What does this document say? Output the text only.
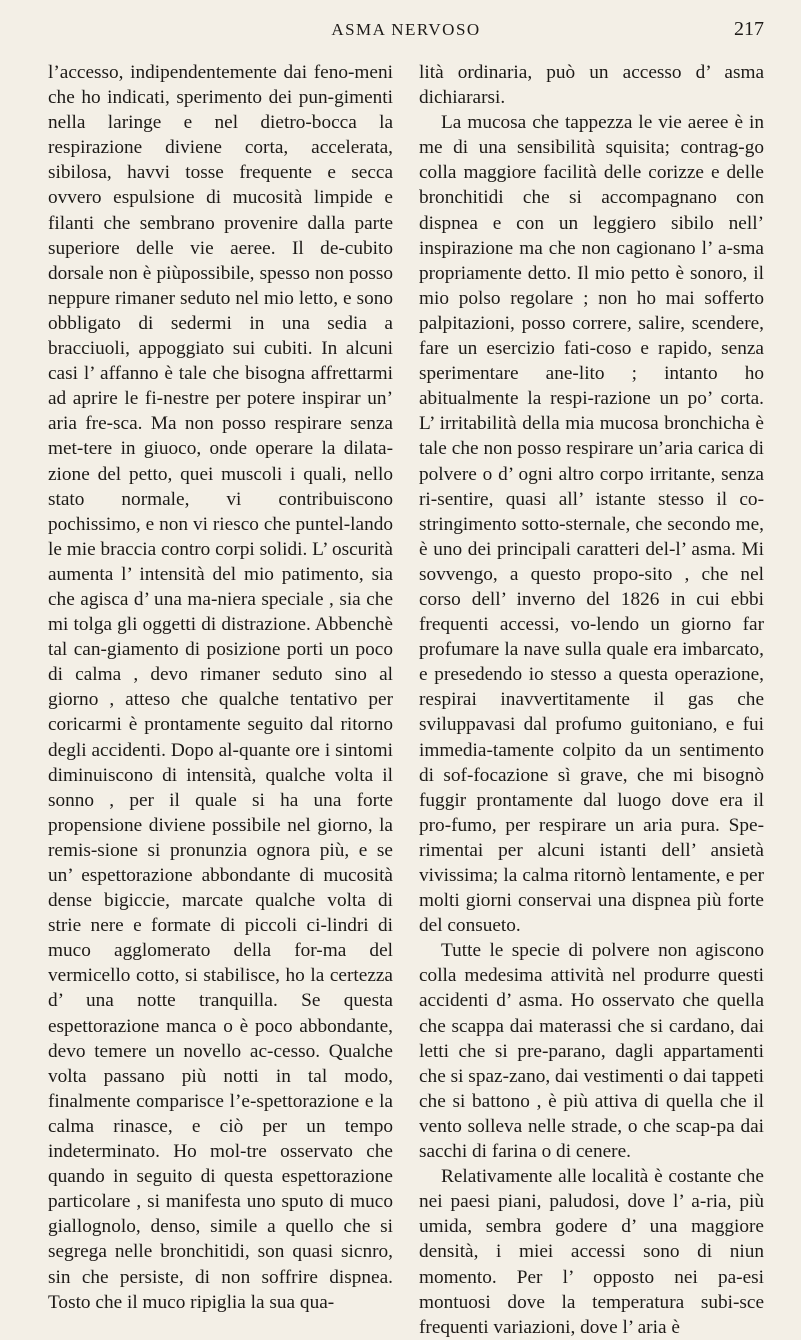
ASMA NERVOSO	217

l’accesso, indipendentemente dai feno-meni che ho indicati, sperimento dei pun-gimenti nella laringe e nel dietro-bocca la respirazione diviene corta, accelerata, sibilosa, havvi tosse frequente e secca ovvero espulsione di mucosità limpide e filanti che sembrano provenire dalla parte superiore delle vie aeree. Il de-cubito dorsale non è piùpossibile, spesso non posso neppure rimaner seduto nel mio letto, e sono obbligato di sedermi in una sedia a bracciuoli, appoggiato sui cubiti. In alcuni casi l’ affanno è tale che bisogna affrettarmi ad aprire le fi-nestre per potere inspirar un’ aria fre-sca. Ma non posso respirare senza met-tere in giuoco, onde operare la dilata-zione del petto, quei muscoli i quali, nello stato normale, vi contribuiscono pochissimo, e non vi riesco che puntel-lando le mie braccia contro corpi solidi. L’ oscurità aumenta l’ intensità del mio patimento, sia che agisca d’ una ma-niera speciale , sia che mi tolga gli oggetti di distrazione. Abbenchè tal can-giamento di posizione porti un poco di calma , devo rimaner seduto sino al giorno , atteso che qualche tentativo per coricarmi è prontamente seguito dal ritorno degli accidenti. Dopo al-quante ore i sintomi diminuiscono di intensità, qualche volta il sonno , per il quale si ha una forte propensione diviene possibile nel giorno, la remis-sione si pronunzia ognora più, e se un’ espettorazione abbondante di mucosità dense bigiccie, marcate qualche volta di strie nere e formate di piccoli ci-lindri di muco agglomerato della for-ma del vermicello cotto, si stabilisce, ho la certezza d’ una notte tranquilla. Se questa espettorazione manca o è poco abbondante, devo temere un novello ac-cesso. Qualche volta passano più notti in tal modo, finalmente comparisce l’e-spettorazione e la calma rinasce, e ciò per un tempo indeterminato. Ho mol-tre osservato che quando in seguito di questa espettorazione particolare , si manifesta uno sputo di muco giallognolo, denso, simile a quello che si segrega nelle bronchitidi, son quasi sicnro, sin che persiste, di non soffrire dispnea. Tosto che il muco ripiglia la sua qua-

lità ordinaria, può un accesso d’ asma dichiararsi.

La mucosa che tappezza le vie aeree è in me di una sensibilità squisita; contrag-go colla maggiore facilità delle corizze e delle bronchitidi che si accompagnano con dispnea e con un leggiero sibilo nell’ inspirazione ma che non cagionano l’ a-sma propriamente detto. Il mio petto è sonoro, il mio polso regolare ; non ho mai sofferto palpitazioni, posso correre, salire, scendere, fare un esercizio fati-coso e rapido, senza sperimentare ane-lito ; intanto ho abitualmente la respi-razione un po’ corta. L’ irritabilità della mia mucosa bronchicha è tale che non posso respirare un’aria carica di polvere o d’ ogni altro corpo irritante, senza ri-sentire, quasi all’ istante stesso il co-stringimento sotto-sternale, che secondo me, è uno dei principali caratteri del-l’ asma. Mi sovvengo, a questo propo-sito , che nel corso dell’ inverno del 1826 in cui ebbi frequenti accessi, vo-lendo un giorno far profumare la nave sulla quale era imbarcato, e presedendo io stesso a questa operazione, respirai inavvertitamente il gas che sviluppavasi dal profumo guitoniano, e fui immedia-tamente colpito da un sentimento di sof-focazione sì grave, che mi bisognò fuggir prontamente dal luogo dove era il pro-fumo, per respirare un aria pura. Spe-rimentai per alcuni istanti dell’ ansietà vivissima; la calma ritornò lentamente, e per molti giorni conservai una dispnea più forte del consueto.

Tutte le specie di polvere non agiscono colla medesima attività nel produrre questi accidenti d’ asma. Ho osservato che quella che scappa dai materassi che si cardano, dai letti che si pre-parano, dagli appartamenti che si spaz-zano, dai vestimenti o dai tappeti che si battono , è più attiva di quella che il vento solleva nelle strade, o che scap-pa dai sacchi di farina o di cenere.

Relativamente alle località è costante che nei paesi piani, paludosi, dove l’ a-ria, più umida, sembra godere d’ una maggiore densità, i miei accessi sono di niun momento. Per l’ opposto nei pa-esi montuosi dove la temperatura subi-sce frequenti variazioni, dove l’ aria è
